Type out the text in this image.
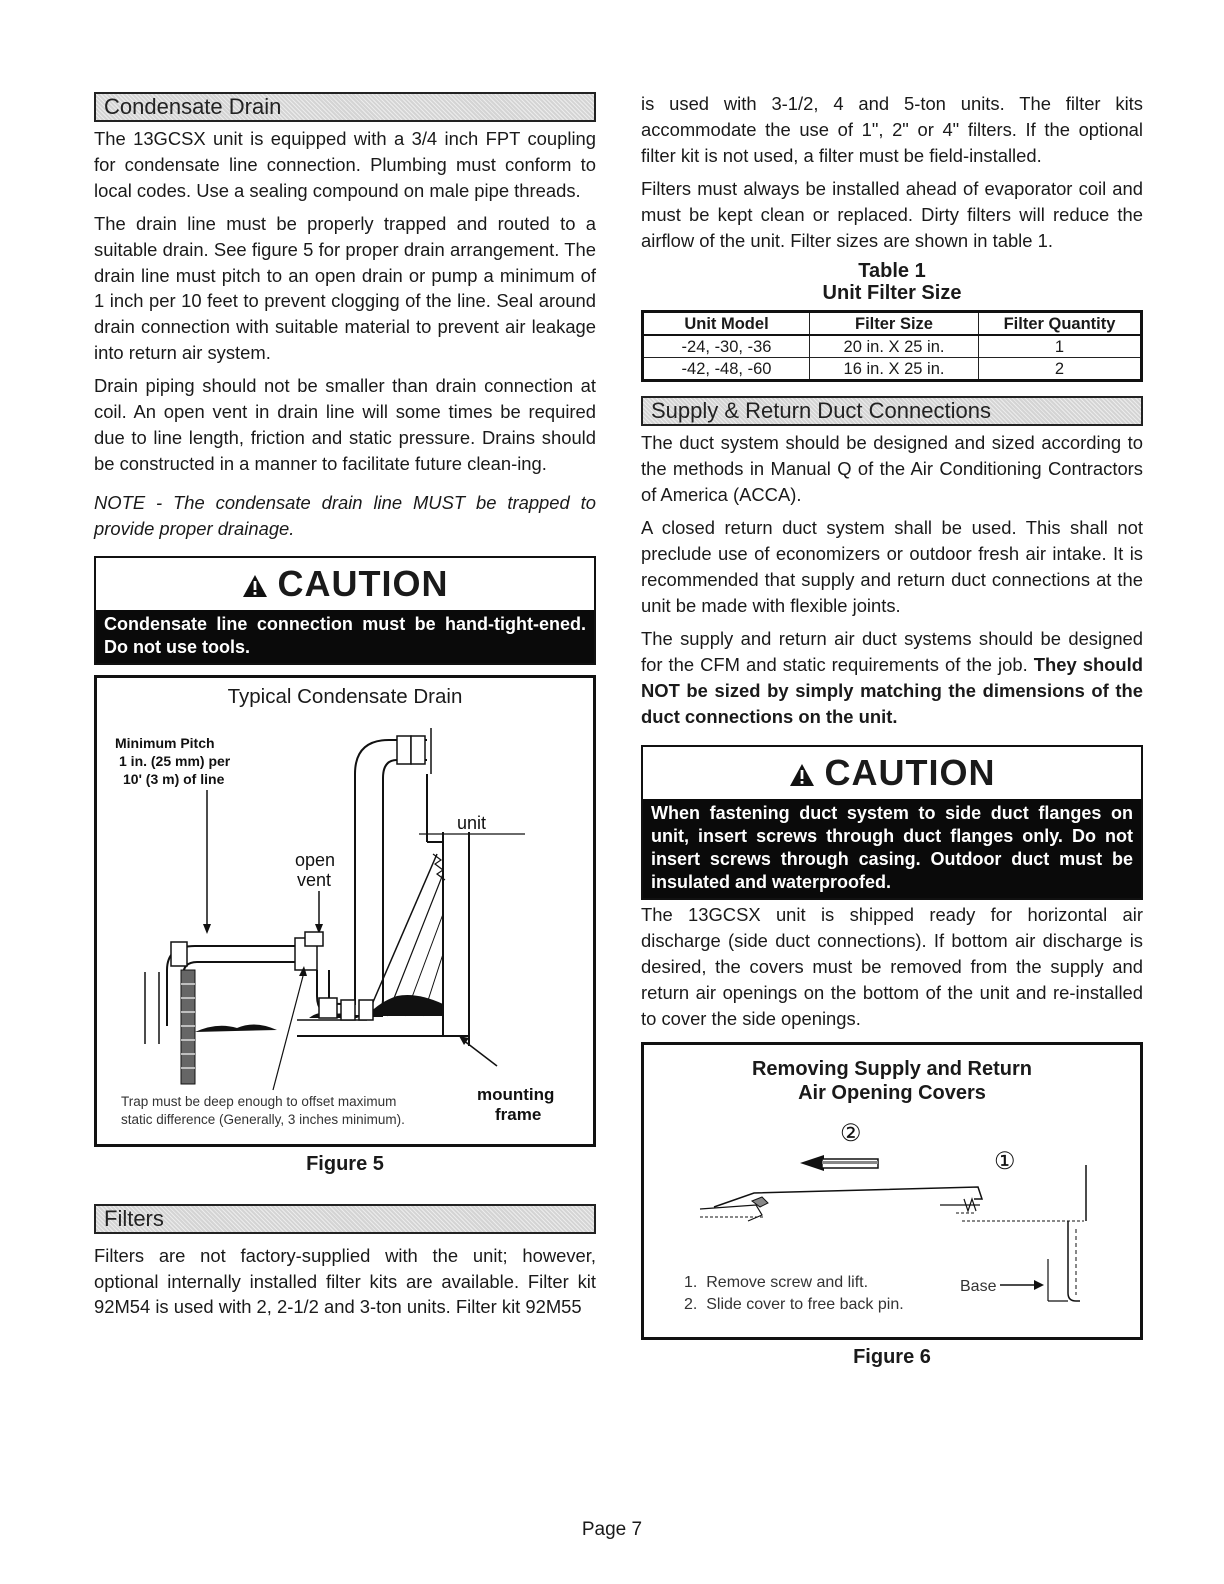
Condensate Drain

The 13GCSX unit is equipped with a 3/4 inch FPT coupling for condensate line connection. Plumbing must conform to local codes. Use a sealing compound on male pipe threads.

The drain line must be properly trapped and routed to a suitable drain. See figure 5 for proper drain arrangement. The drain line must pitch to an open drain or pump a minimum of 1 inch per 10 feet to prevent clogging of the line. Seal around drain connection with suitable material to prevent air leakage into return air system.

Drain piping should not be smaller than drain connection at coil. An open vent in drain line will some times be required due to line length, friction and static pressure. Drains should be constructed in a manner to facilitate future clean-ing.

NOTE - The condensate drain line MUST be trapped to provide proper drainage.

CAUTION
Condensate line connection must be hand-tight-ened. Do not use tools.
Typical Condensate Drain
Minimum Pitch
1 in. (25 mm) per
10' (3 m) of line
unit
open
vent
Trap must be deep enough to offset maximum
static difference (Generally, 3 inches minimum).
mounting
frame
Figure 5
Filters

Filters are not factory-supplied with the unit; however, optional internally installed filter kits are available. Filter kit 92M54 is used with 2, 2-1/2 and 3-ton units. Filter kit 92M55

is used with 3-1/2, 4 and 5-ton units. The filter kits accommodate the use of 1", 2" or 4" filters. If the optional filter kit is not used, a filter must be field-installed.

Filters must always be installed ahead of evaporator coil and must be kept clean or replaced. Dirty filters will reduce the airflow of the unit. Filter sizes are shown in table 1.

Table 1
Unit Filter Size
Unit Model	Filter Size	Filter Quantity
-24, -30, -36	20 in. X 25 in.	1
-42, -48, -60	16 in. X 25 in.	2
Supply & Return Duct Connections

The duct system should be designed and sized according to the methods in Manual Q of the Air Conditioning Contractors of America (ACCA).

A closed return duct system shall be used. This shall not preclude use of economizers or outdoor fresh air intake. It is recommended that supply and return duct connections at the unit be made with flexible joints.

The supply and return air duct systems should be designed for the CFM and static requirements of the job. They should NOT be sized by simply matching the dimensions of the duct connections on the unit.

CAUTION
When fastening duct system to side duct flanges on unit, insert screws through duct flanges only. Do not insert screws through casing. Outdoor duct must be insulated and waterproofed.

The 13GCSX unit is shipped ready for horizontal air discharge (side duct connections). If bottom air discharge is desired, the covers must be removed from the supply and return air openings on the bottom of the unit and re-installed to cover the side openings.

Removing Supply and Return
Air Opening Covers
②
①
1.  Remove screw and lift.
2.  Slide cover to free back pin.
Base
Figure 6
Page 7
